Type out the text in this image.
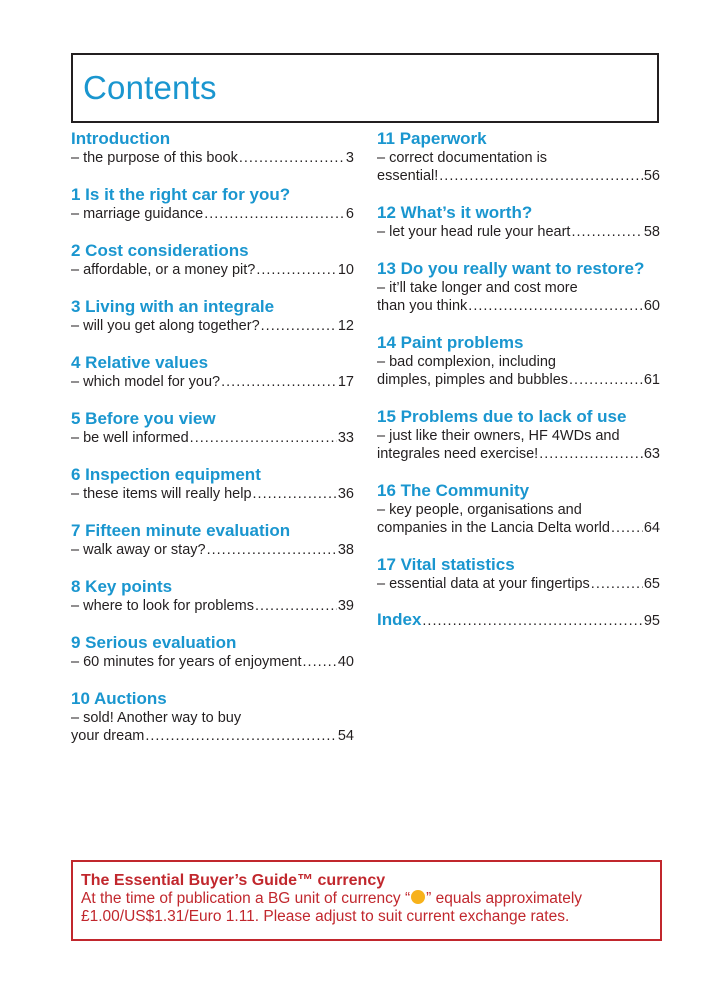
Contents
Introduction
– the purpose of this book .....	3
1 Is it the right car for you?
– marriage guidance .....	6
2 Cost considerations
– affordable, or a money pit? .....	10
3 Living with an integrale
– will you get along together? .....	12
4 Relative values
– which model for you? .....	17
5 Before you view
– be well informed .....	33
6 Inspection equipment
– these items will really help .....	36
7 Fifteen minute evaluation
– walk away or stay? .....	38
8 Key points
– where to look for problems .....	39
9 Serious evaluation
– 60 minutes for years of enjoyment .....	40
10 Auctions
– sold! Another way to buy
your dream .....	54
11 Paperwork
– correct documentation is
essential! .....	56
12 What’s it worth?
– let your head rule your heart .....	58
13 Do you really want to restore?
– it’ll take longer and cost more
than you think .....	60
14 Paint problems
– bad complexion, including
dimples, pimples and bubbles .....	61
15 Problems due to lack of use
– just like their owners, HF 4WDs and
integrales need exercise! .....	63
16 The Community
– key people, organisations and
companies in the Lancia Delta world ..... 64
17 Vital statistics
– essential data at your fingertips .....	65
Index .....	95
The Essential Buyer’s Guide™ currency
At the time of publication a BG unit of currency “ ” equals approximately
£1.00/US$1.31/Euro 1.11. Please adjust to suit current exchange rates.
